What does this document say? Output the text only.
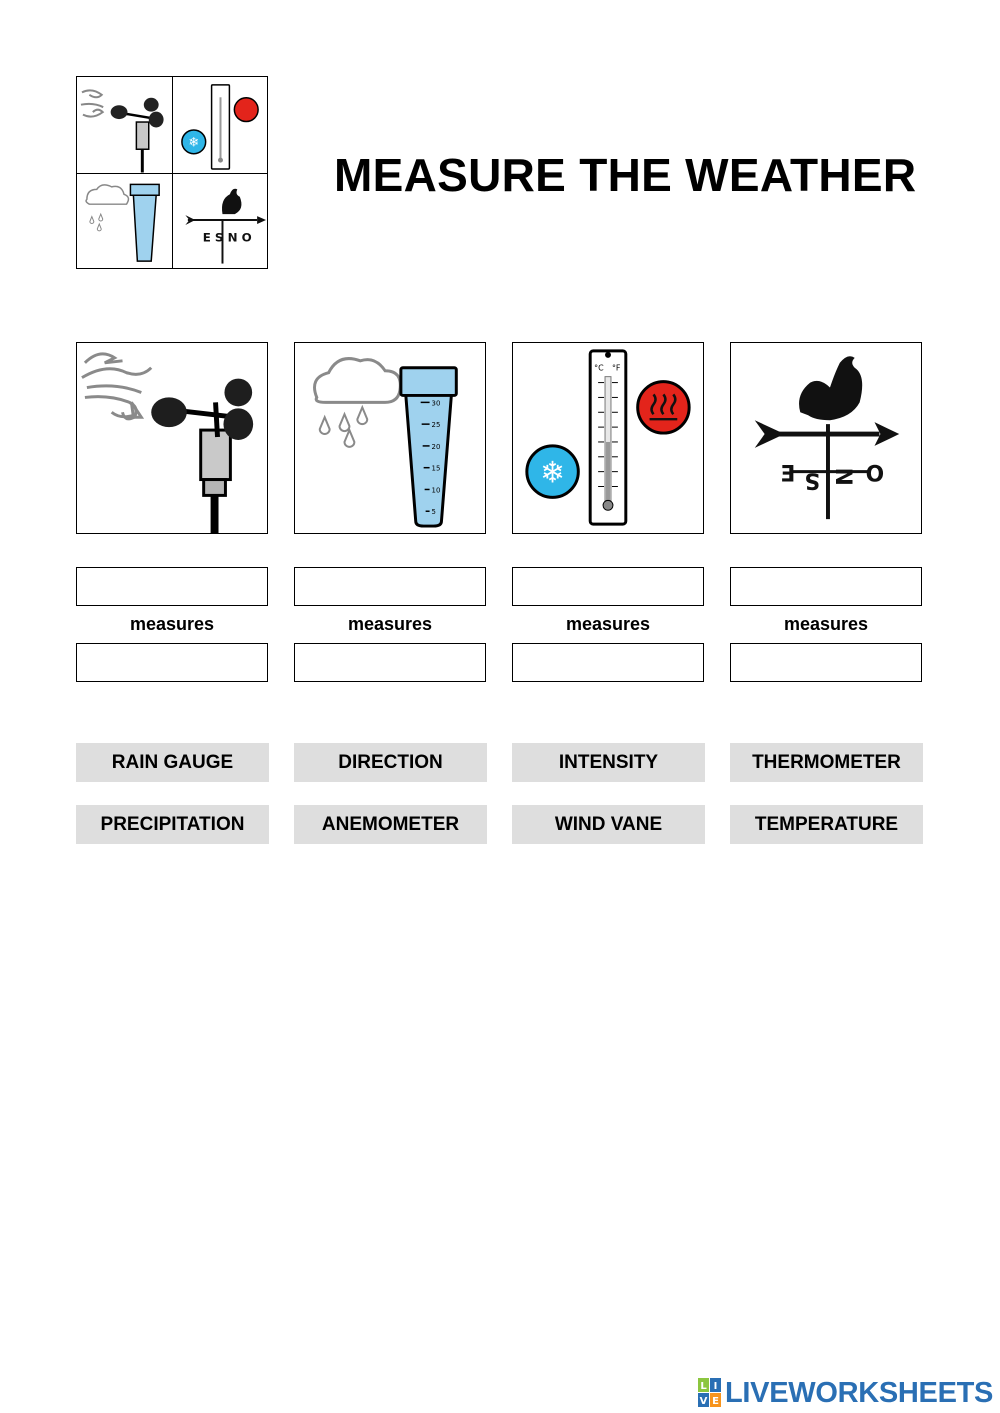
❄
E S N O
MEASURE THE WEATHER
30
25
20
15
10
5
°C °F
❄	E S N O
measures	measures	measures	measures
RAIN GAUGE	DIRECTION	INTENSITY	THERMOMETER
PRECIPITATION	ANEMOMETER	WIND VANE	TEMPERATURE
L I
V E LIVEWORKSHEETS
